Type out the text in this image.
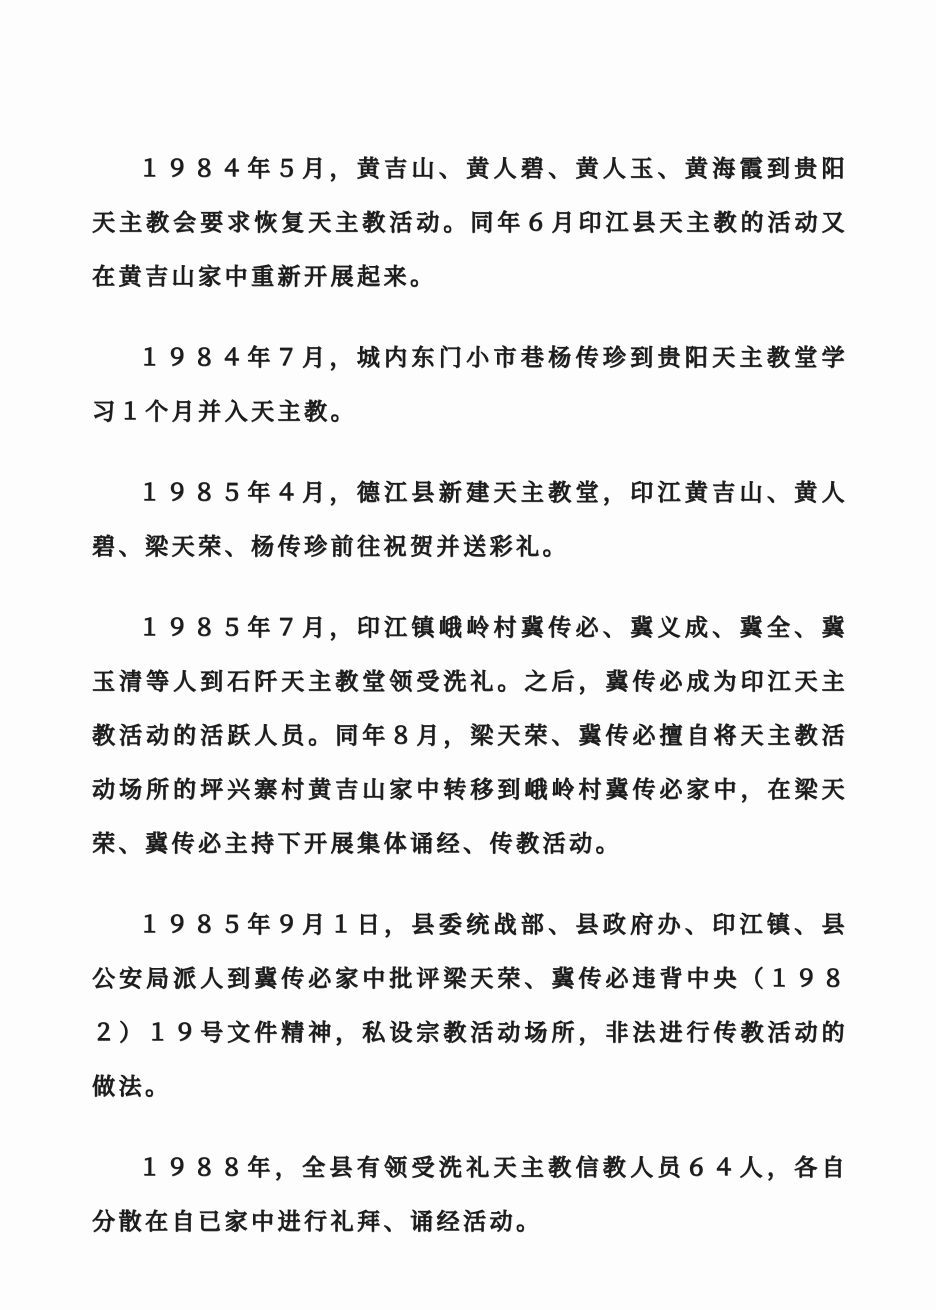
１９８４年５月，黄吉山、黄人碧、黄人玉、黄海霞到贵阳天主教会要求恢复天主教活动。同年６月印江县天主教的活动又在黄吉山家中重新开展起来。

１９８４年７月，城内东门小市巷杨传珍到贵阳天主教堂学习１个月并入天主教。

１９８５年４月，德江县新建天主教堂，印江黄吉山、黄人碧、梁天荣、杨传珍前往祝贺并送彩礼。

１９８５年７月，印江镇峨岭村冀传必、冀义成、冀全、冀玉清等人到石阡天主教堂领受洗礼。之后，冀传必成为印江天主教活动的活跃人员。同年８月，梁天荣、冀传必擅自将天主教活动场所的坪兴寨村黄吉山家中转移到峨岭村冀传必家中，在梁天荣、冀传必主持下开展集体诵经、传教活动。

１９８５年９月１日，县委统战部、县政府办、印江镇、县公安局派人到冀传必家中批评梁天荣、冀传必违背中央（１９８２）１９号文件精神，私设宗教活动场所，非法进行传教活动的做法。

１９８８年，全县有领受洗礼天主教信教人员６４人，各自分散在自已家中进行礼拜、诵经活动。
